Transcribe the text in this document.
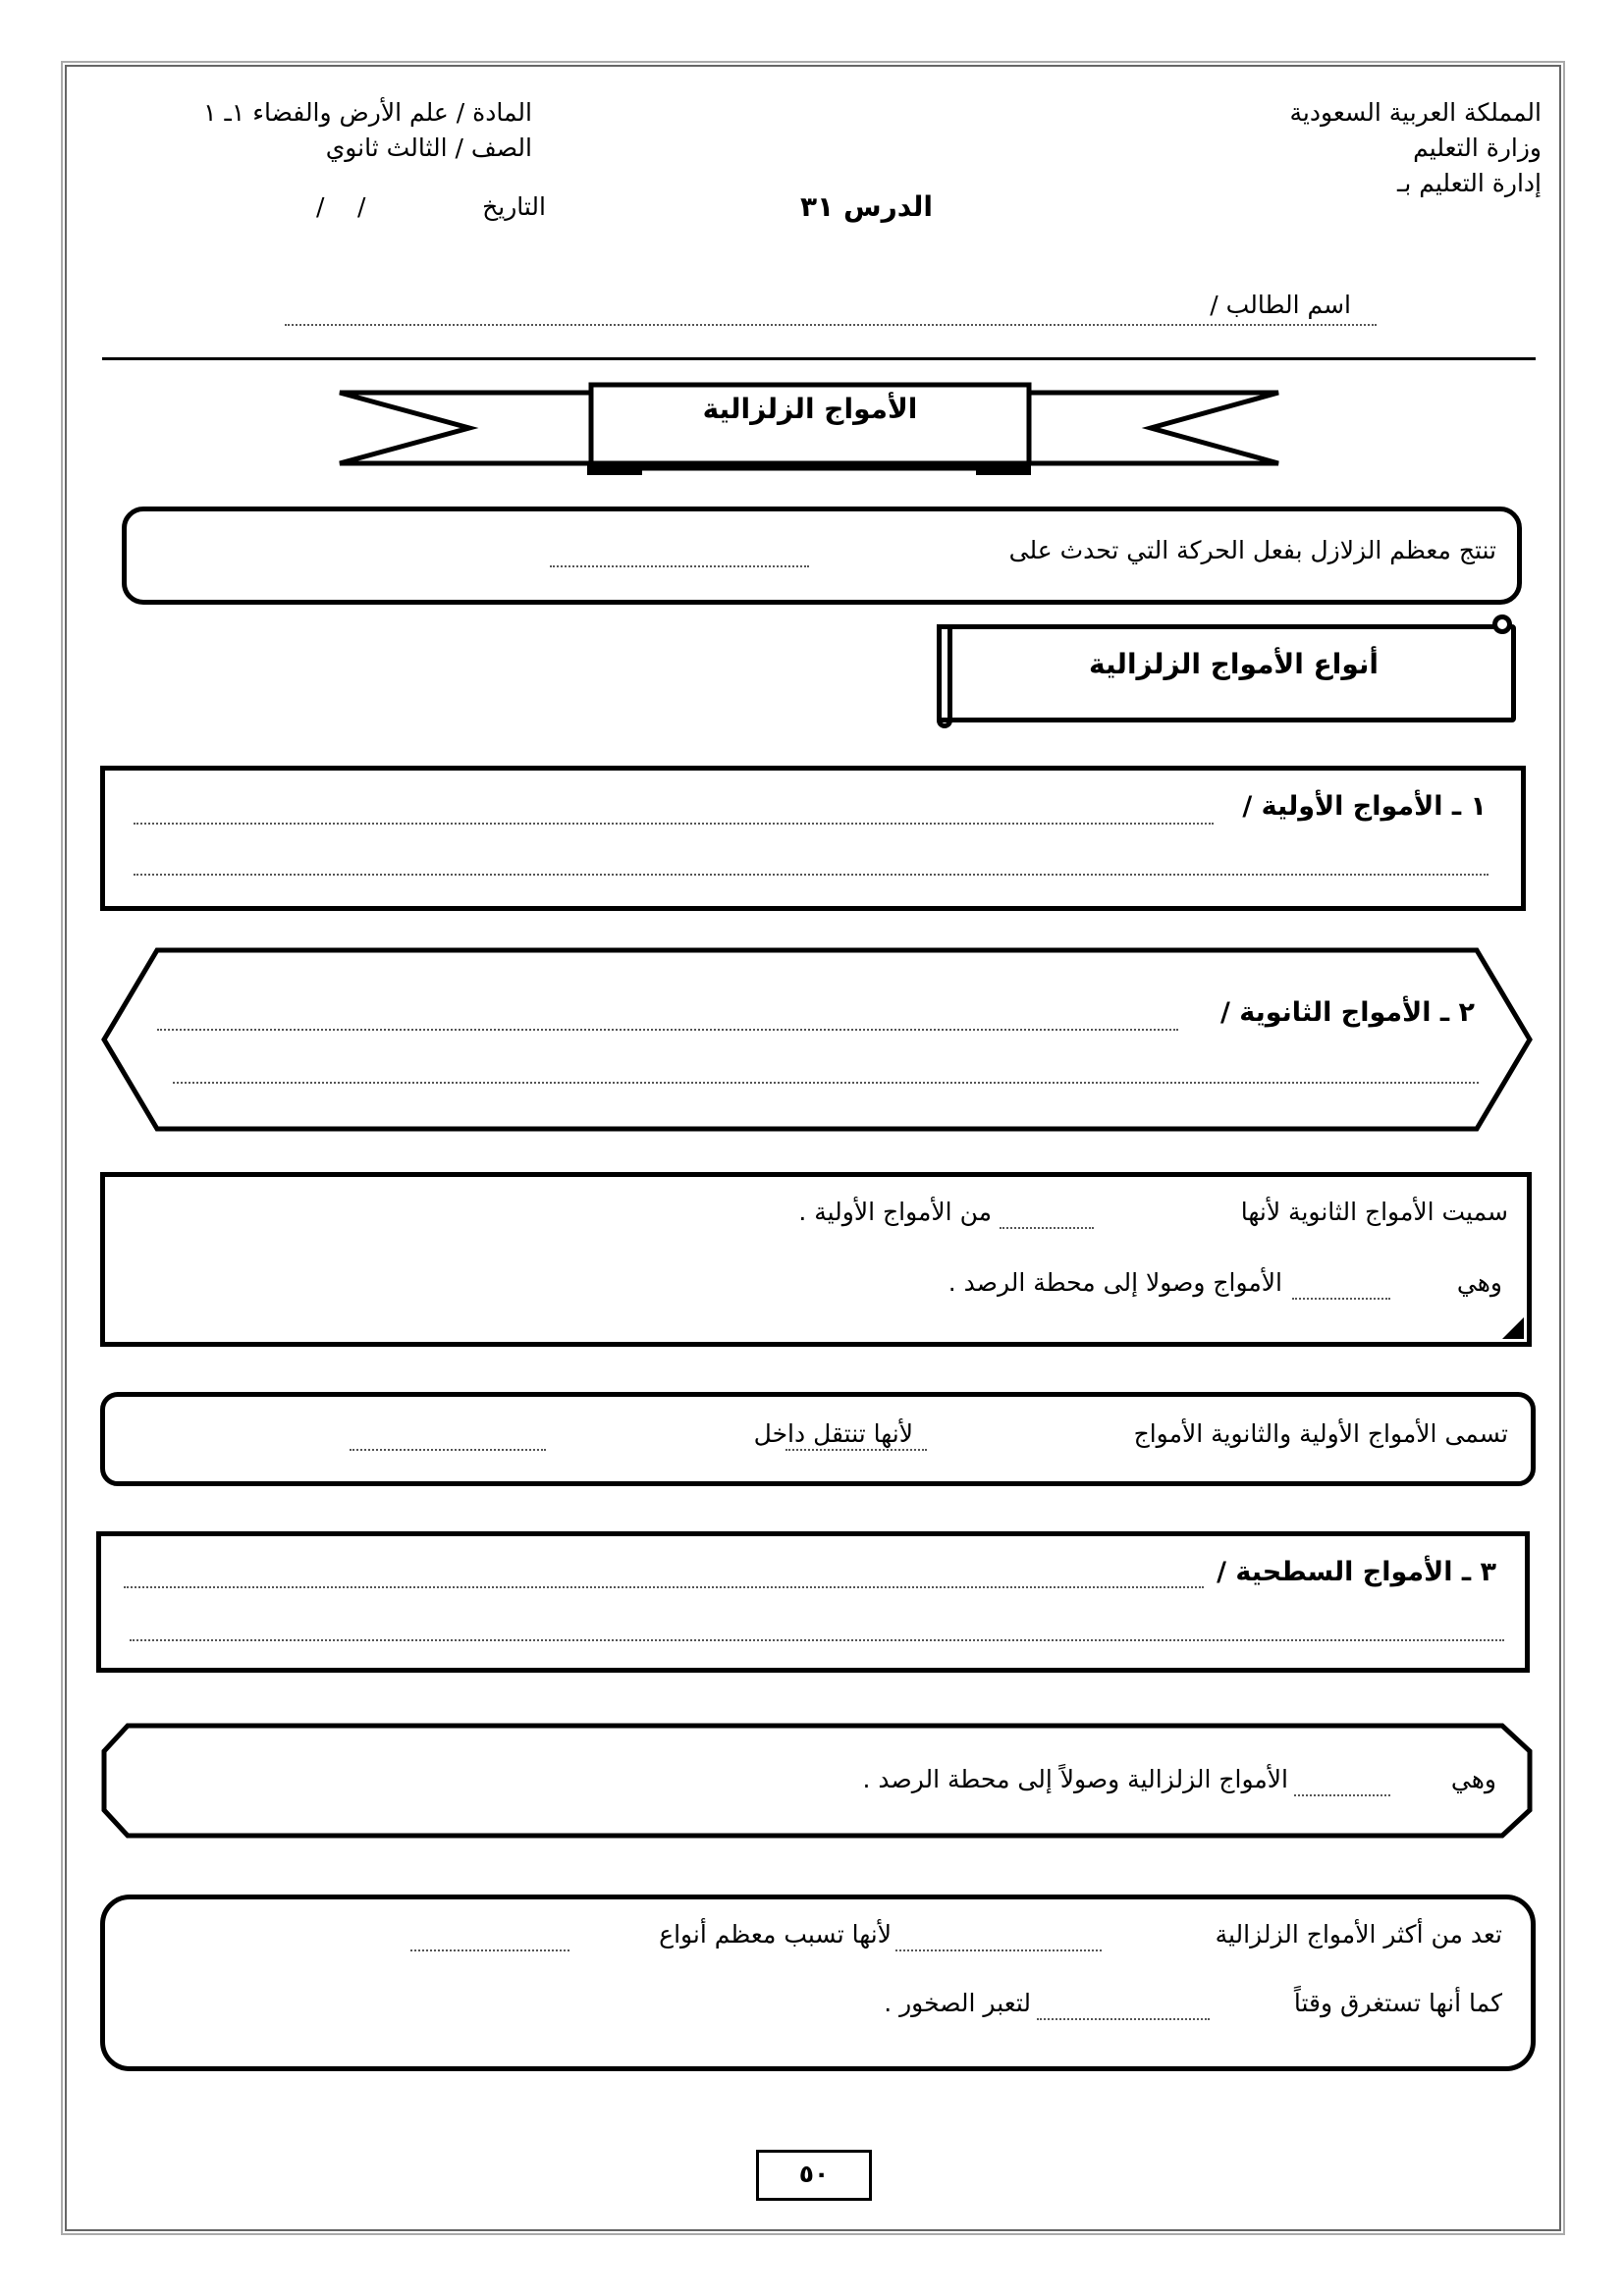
المملكة العربية السعودية
وزارة التعليم
إدارة التعليم بـ
المادة / علم الأرض والفضاء ١ـ ١
الصف / الثالث ثانوي
التاريخ
/
/	الدرس ٣١
اسم الطالب /
الأمواج الزلزالية
تنتج معظم الزلازل بفعل الحركة التي تحدث على
أنواع الأمواج الزلزالية
١ ـ الأمواج الأولية /
٢ ـ الأمواج الثانوية /
سميت الأمواج الثانوية لأنها
من الأمواج الأولية .
وهي
الأمواج وصولا إلى محطة الرصد .
تسمى الأمواج الأولية والثانوية الأمواج
لأنها تنتقل داخل
٣ ـ الأمواج السطحية /
وهي
الأمواج الزلزالية وصولاً إلى محطة الرصد .
تعد من أكثر الأمواج الزلزالية
لأنها تسبب معظم أنواع
كما أنها تستغرق وقتاً
لتعبر الصخور .
٥٠
